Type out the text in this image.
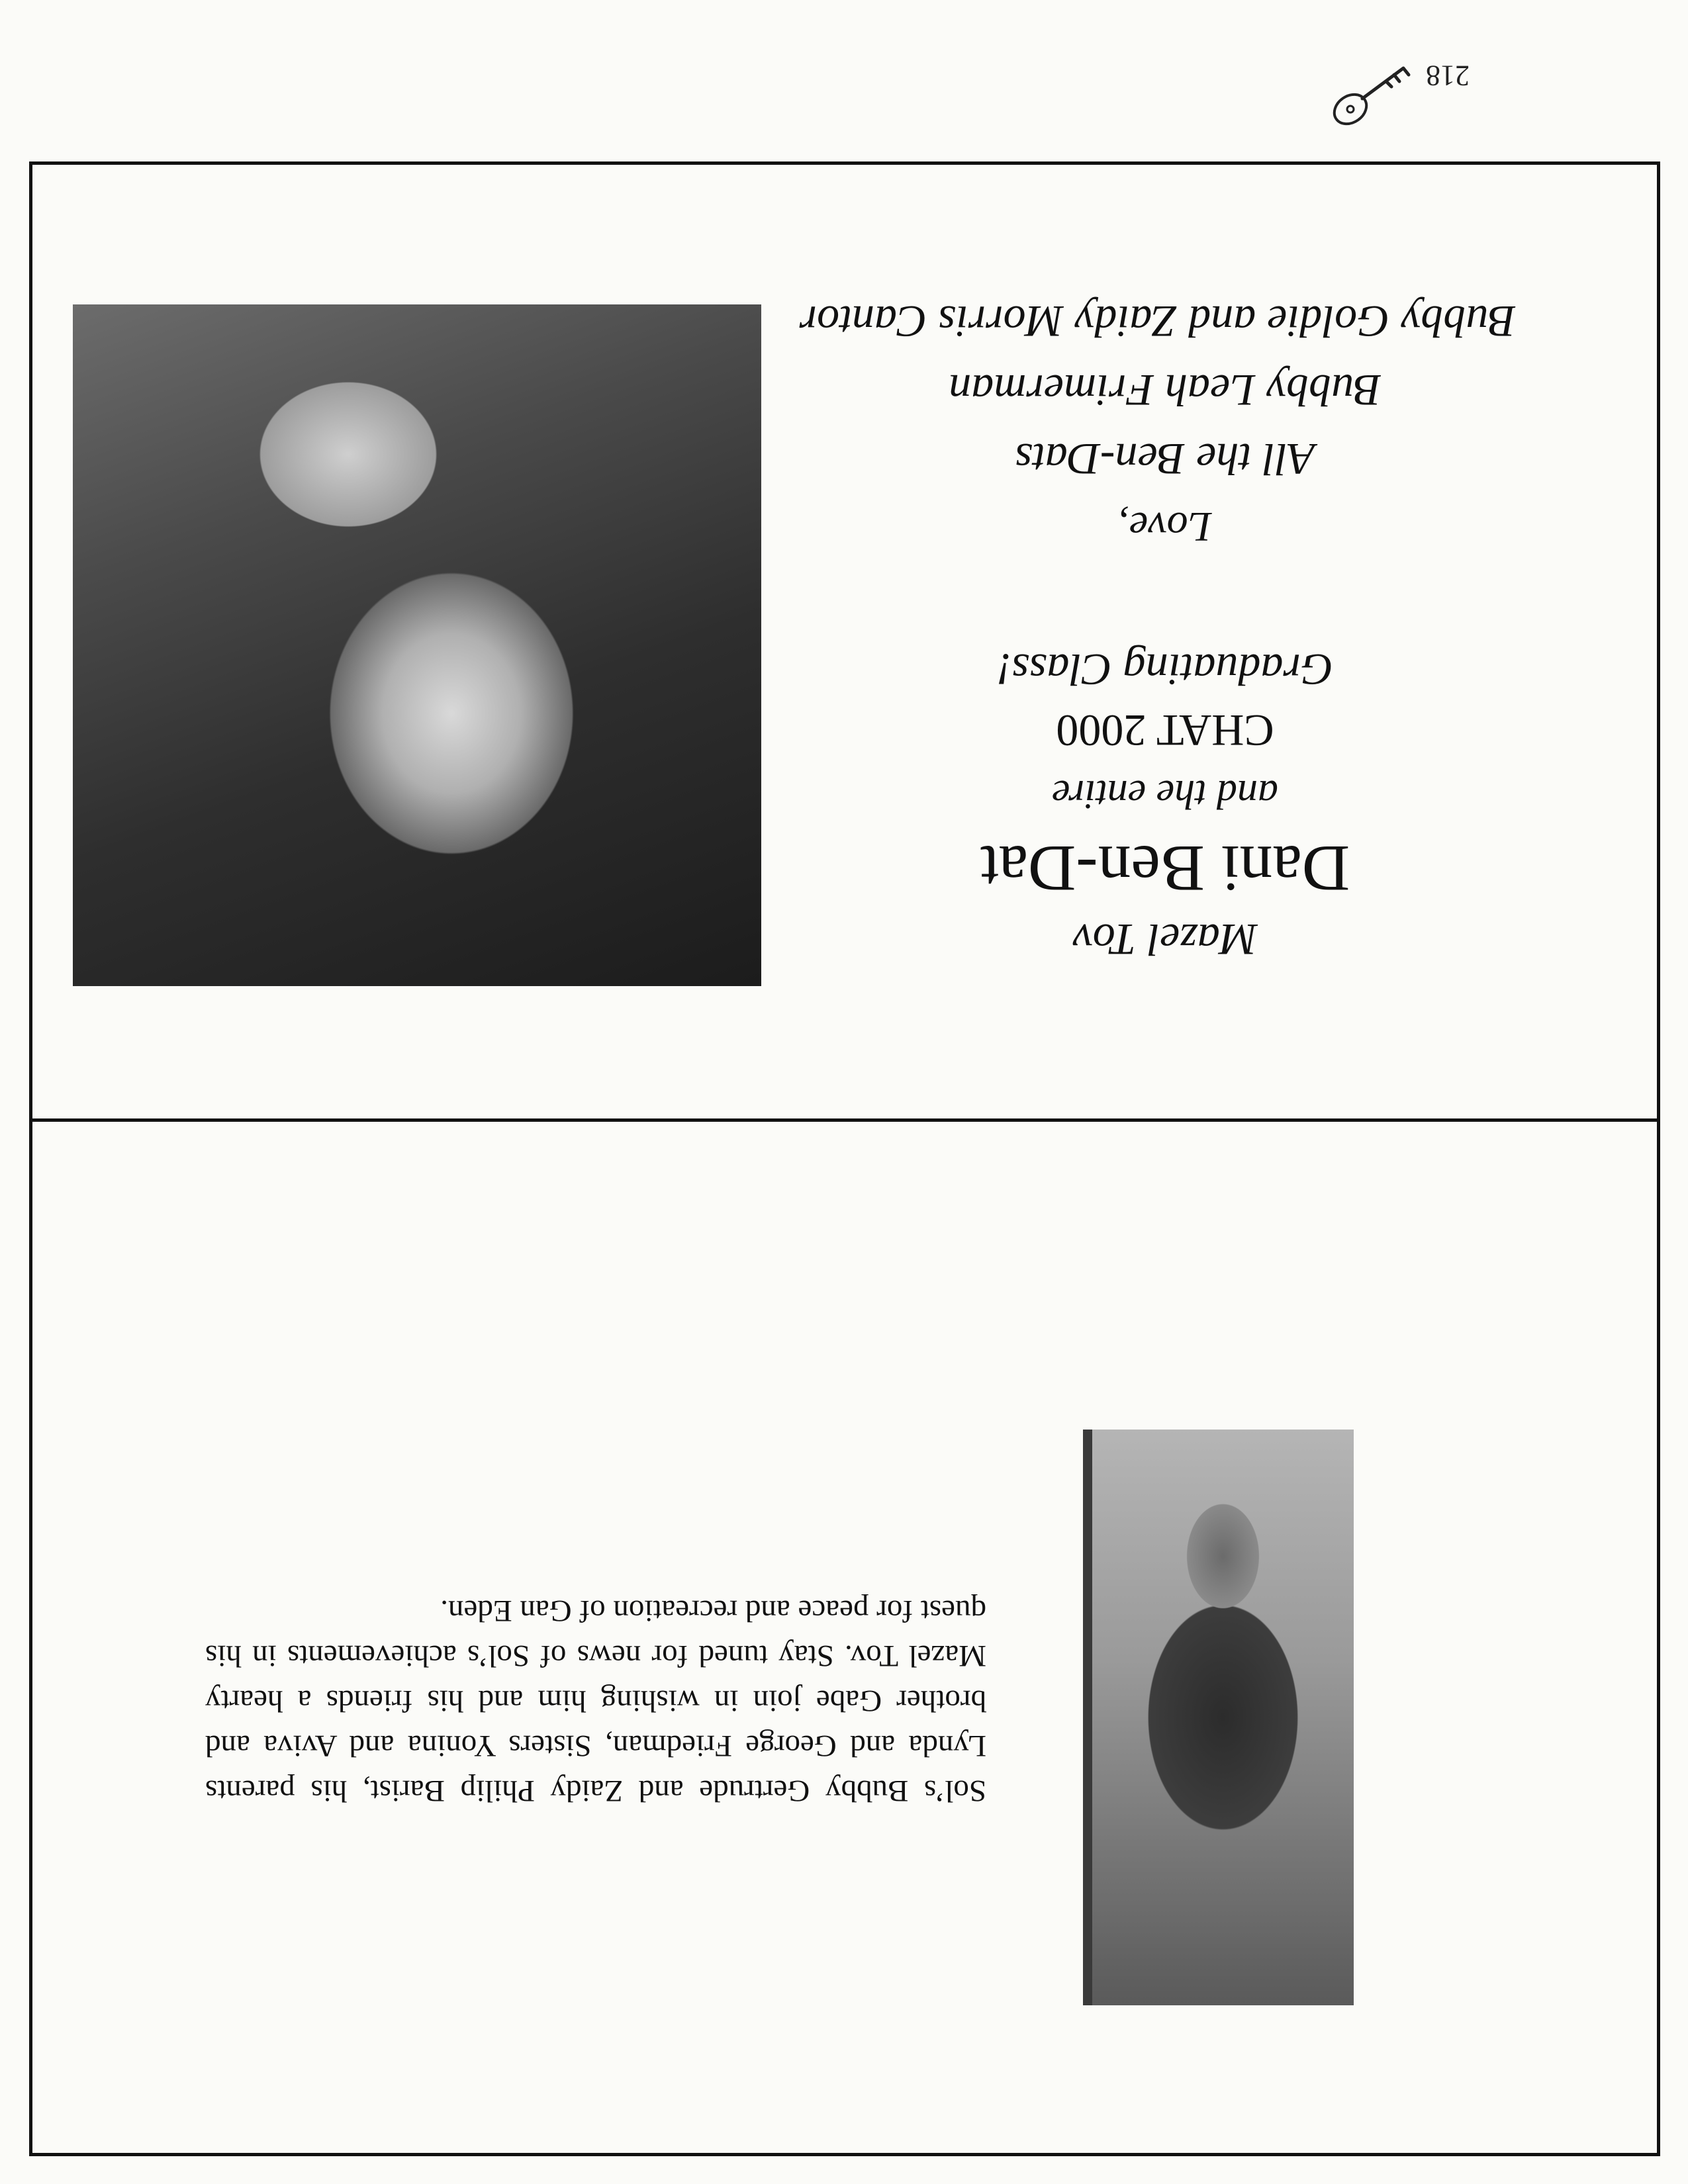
218

Sol’s Bubby Gertrude and Zaidy Philip Barist, his parents Lynda and George Friedman, Sisters Yonina and Aviva and brother Gabe join in wishing him and his friends a hearty Mazel Tov. Stay tuned for news of Sol’s achievements in his quest for peace and recreation of Gan Eden.

Mazel Tov
Dani Ben-Dat
and the entire
CHAT 2000
Graduating Class!
Love,
All the Ben-Dats
Bubby Leah Frimerman
Bubby Goldie and Zaidy Morris Cantor
